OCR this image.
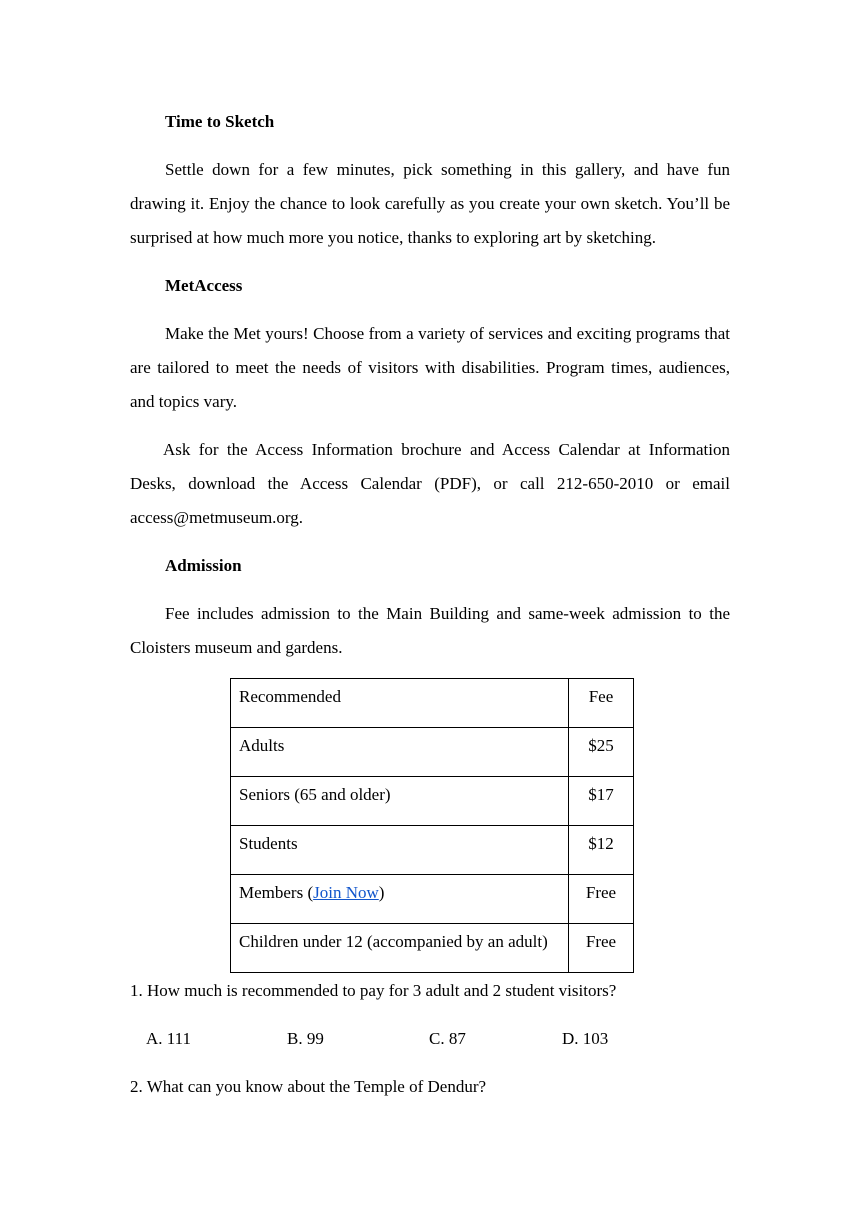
Time to Sketch
Settle down for a few minutes, pick something in this gallery, and have fun drawing it. Enjoy the chance to look carefully as you create your own sketch. You’ll be surprised at how much more you notice, thanks to exploring art by sketching.
MetAccess
Make the Met yours! Choose from a variety of services and exciting programs that are tailored to meet the needs of visitors with disabilities. Program times, audiences, and topics vary.
Ask for the Access Information brochure and Access Calendar at Information Desks, download the Access Calendar (PDF), or call 212-650-2010 or email access@metmuseum.org.
Admission
Fee includes admission to the Main Building and same-week admission to the Cloisters museum and gardens.
Recommended	Fee
Adults	$25
Seniors (65 and older)	$17
Students	$12
Members (Join Now)	Free
Children under 12 (accompanied by an adult)	Free
1. How much is recommended to pay for 3 adult and 2 student visitors?
A. 111	B. 99	C. 87	D. 103
2. What can you know about the Temple of Dendur?
